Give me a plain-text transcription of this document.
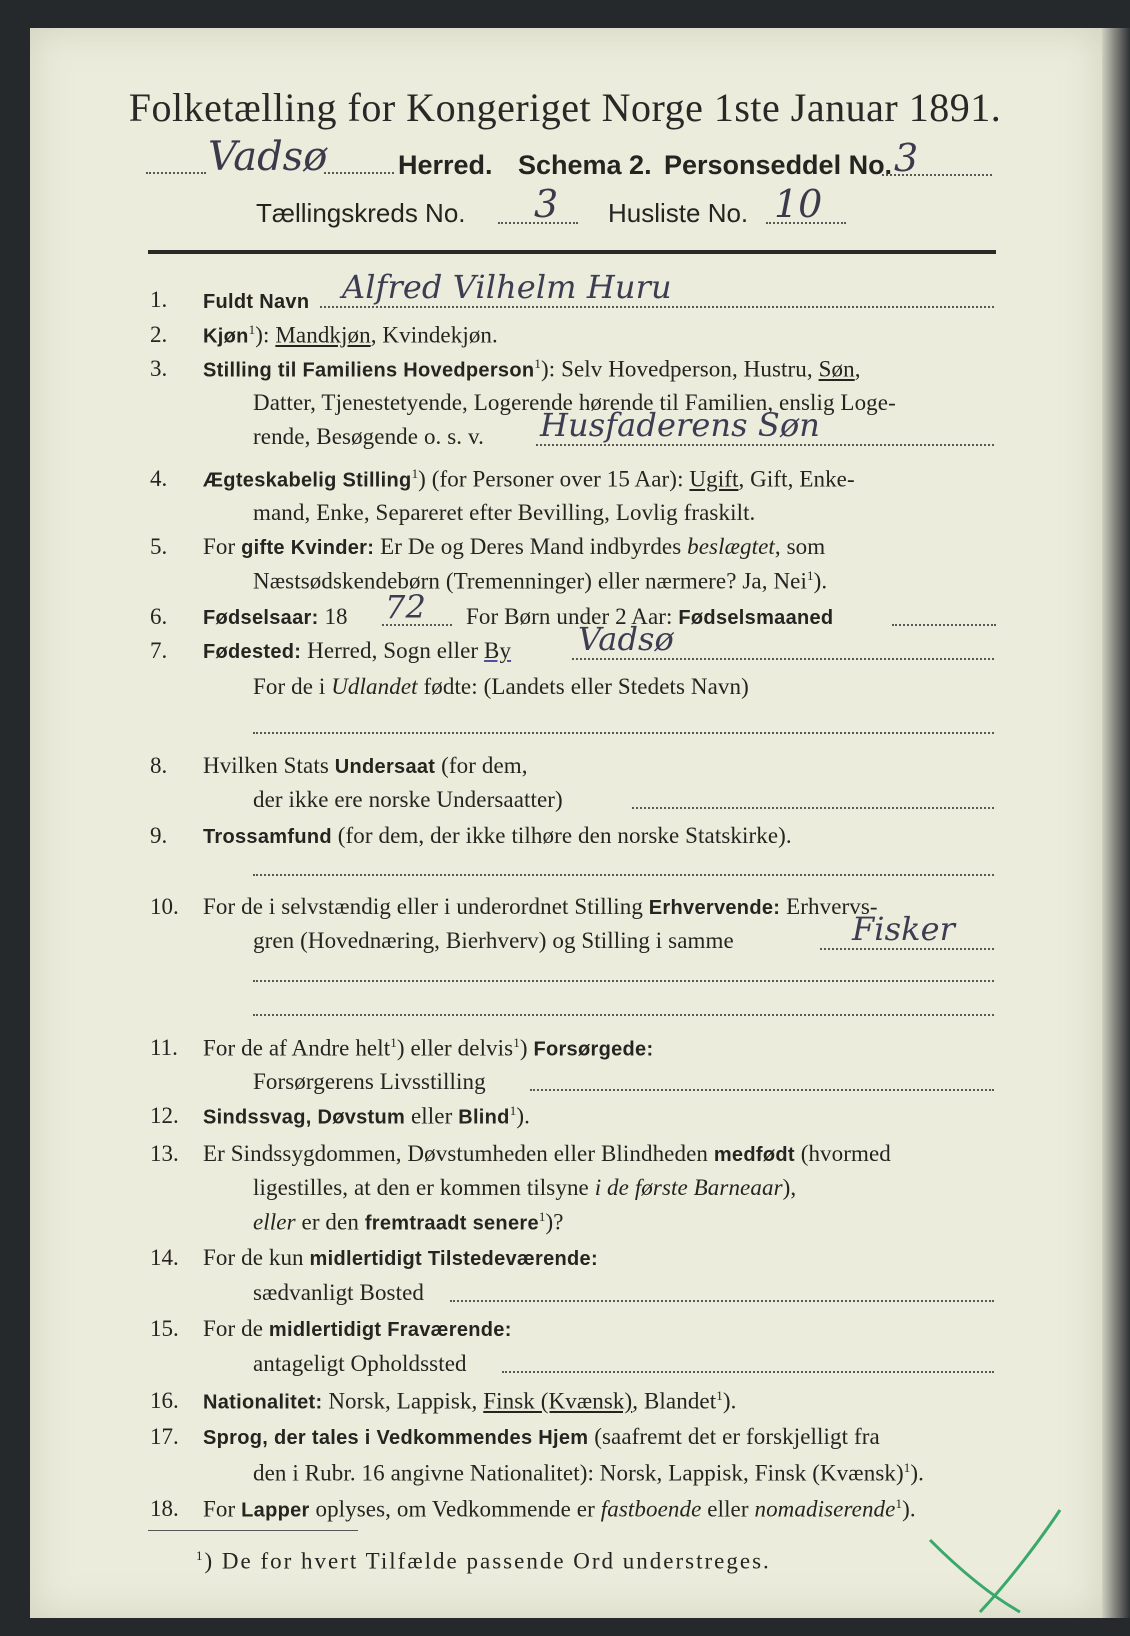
Folketælling for Kongeriget Norge 1ste Januar 1891.
Vadsø	Herred. Schema 2. Personseddel No. 3
Tællingskreds No. 3 Husliste No. 10
1.	Fuldt Navn Alfred Vilhelm Huru
2.	Kjøn$^1$): Mandkjøn, Kvindekjøn.
3.	Stilling til Familiens Hovedperson$^1$): Selv Hovedperson, Hustru, Søn,
Datter, Tjenestetyende, Logerende hørende til Familien, enslig Loge-
rende, Besøgende o. s. v. Husfaderens Søn
4.	Ægteskabelig Stilling$^1$) (for Personer over 15 Aar): Ugift, Gift, Enke-
mand, Enke, Separeret efter Bevilling, Lovlig fraskilt.
5.	For gifte Kvinder: Er De og Deres Mand indbyrdes beslægtet, som
Næstsødskendebørn (Tremenninger) eller nærmere? Ja, Nei$^1$).
6.	Fødselsaar: 18 72 For Børn under 2 Aar: Fødselsmaaned
7.	Fødested: Herred, Sogn eller By Vadsø
For de i Udlandet fødte: (Landets eller Stedets Navn)
8.	Hvilken Stats Undersaat (for dem,
der ikke ere norske Undersaatter)
9.	Trossamfund (for dem, der ikke tilhøre den norske Statskirke).
10.	For de i selvstændig eller i underordnet Stilling Erhvervende: Erhvervs-
gren (Hovednæring, Bierhverv) og Stilling i samme	Fisker
11.	For de af Andre helt$^1$) eller delvis$^1$) Forsørgede:
Forsørgerens Livsstilling
12.	Sindssvag, Døvstum eller Blind$^1$).
13.	Er Sindssygdommen, Døvstumheden eller Blindheden medfødt (hvormed
ligestilles, at den er kommen tilsyne i de første Barneaar),
eller er den fremtraadt senere$^1$)?
14.	For de kun midlertidigt Tilstedeværende:
sædvanligt Bosted
15.	For de midlertidigt Fraværende:
antageligt Opholdssted
16.	Nationalitet: Norsk, Lappisk, Finsk (Kvænsk), Blandet$^1$).
17.	Sprog, der tales i Vedkommendes Hjem (saafremt det er forskjelligt fra
den i Rubr. 16 angivne Nationalitet): Norsk, Lappisk, Finsk (Kvænsk)$^1$).
18.	For Lapper oplyses, om Vedkommende er fastboende eller nomadiserende$^1$).
$^1$) De for hvert Tilfælde passende Ord understreges.
